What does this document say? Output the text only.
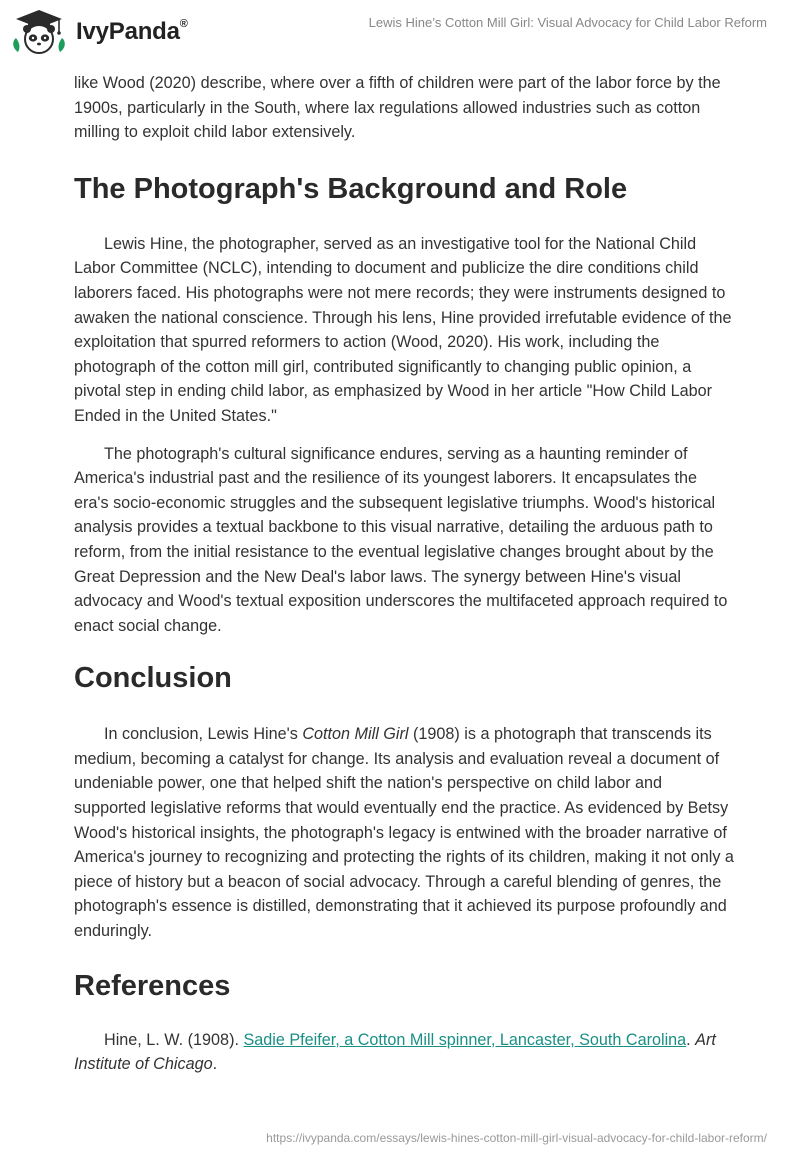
IvyPanda®	Lewis Hine’s Cotton Mill Girl: Visual Advocacy for Child Labor Reform

like Wood (2020) describe, where over a fifth of children were part of the labor force by the 1900s, particularly in the South, where lax regulations allowed industries such as cotton milling to exploit child labor extensively.

The Photograph's Background and Role

Lewis Hine, the photographer, served as an investigative tool for the National Child Labor Committee (NCLC), intending to document and publicize the dire conditions child laborers faced. His photographs were not mere records; they were instruments designed to awaken the national conscience. Through his lens, Hine provided irrefutable evidence of the exploitation that spurred reformers to action (Wood, 2020). His work, including the photograph of the cotton mill girl, contributed significantly to changing public opinion, a pivotal step in ending child labor, as emphasized by Wood in her article "How Child Labor Ended in the United States."

The photograph's cultural significance endures, serving as a haunting reminder of America's industrial past and the resilience of its youngest laborers. It encapsulates the era's socio-economic struggles and the subsequent legislative triumphs. Wood's historical analysis provides a textual backbone to this visual narrative, detailing the arduous path to reform, from the initial resistance to the eventual legislative changes brought about by the Great Depression and the New Deal's labor laws. The synergy between Hine's visual advocacy and Wood's textual exposition underscores the multifaceted approach required to enact social change.

Conclusion

In conclusion, Lewis Hine's Cotton Mill Girl (1908) is a photograph that transcends its medium, becoming a catalyst for change. Its analysis and evaluation reveal a document of undeniable power, one that helped shift the nation's perspective on child labor and supported legislative reforms that would eventually end the practice. As evidenced by Betsy Wood's historical insights, the photograph's legacy is entwined with the broader narrative of America's journey to recognizing and protecting the rights of its children, making it not only a piece of history but a beacon of social advocacy. Through a careful blending of genres, the photograph's essence is distilled, demonstrating that it achieved its purpose profoundly and enduringly.

References

Hine, L. W. (1908). Sadie Pfeifer, a Cotton Mill spinner, Lancaster, South Carolina. Art Institute of Chicago.

https://ivypanda.com/essays/lewis-hines-cotton-mill-girl-visual-advocacy-for-child-labor-reform/
